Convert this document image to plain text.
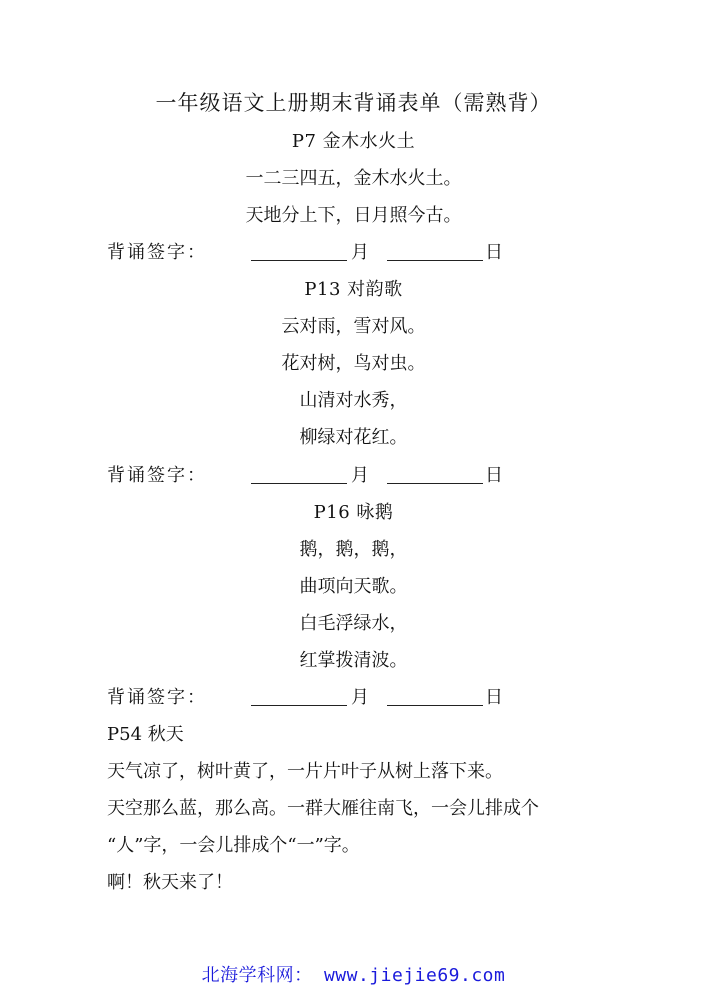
一年级语文上册期末背诵表单（需熟背）
P7 金木水火土
一二三四五，金木水火土。
天地分上下，日月照今古。
背诵签字：	月	日
P13 对韵歌
云对雨，雪对风。
花对树，鸟对虫。
山清对水秀，
柳绿对花红。
背诵签字：	月	日
P16 咏鹅
鹅，鹅，鹅，
曲项向天歌。
白毛浮绿水，
红掌拨清波。
背诵签字：	月	日
P54 秋天
天气凉了，树叶黄了，一片片叶子从树上落下来。
天空那么蓝，那么高。一群大雁往南飞，一会儿排成个
“人”字，一会儿排成个“一”字。
啊！秋天来了！
北海学科网： www.jiejie69.com
